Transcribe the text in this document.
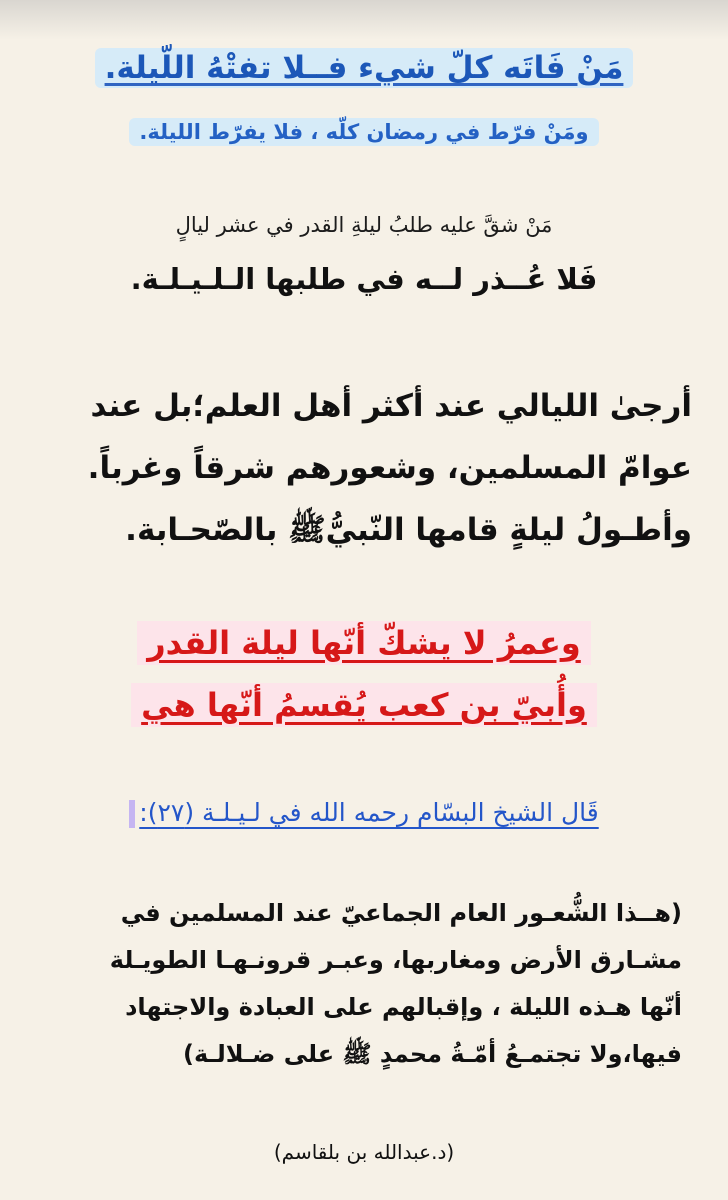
مَنْ فَاتَه كلّ شيء فــلا تفتْهُ اللّيلة.
ومَنْ فرّط في رمضان كلّه ، فلا يفرّط الليلة.
مَنْ شقَّ عليه طلبُ ليلةِ القدر في عشر ليالٍ
فَلا عُــذر لــه في طلبها الـلـيـلـة.
أرجىٰ الليالي عند أكثر أهل العلم؛بل عند
عوامّ المسلمين، وشعورهم شرقاً وغرباً.
وأطـولُ ليلةٍ قامها النّبيُّﷺ بالصّحـابة.
وعمرُ لا يشكّ أنّها ليلة القدر
وأُبيّ بن كعب يُقسمُ أنّها هي
قَال الشيخ البسّام رحمه الله في لـيـلـة (٢٧):
(هــذا الشُّعـور العام الجماعيّ عند المسلمين في
مشـارق الأرض ومغاربها، وعبـر قرونـهـا الطويـلة
أنّها هـذه الليلة ، وإقبالهم على العبادة والاجتهاد
فيها،ولا تجتمـعُ أمّـةُ محمدٍ ﷺ على ضـلالـة)
(د.عبدالله بن بلقاسم)
